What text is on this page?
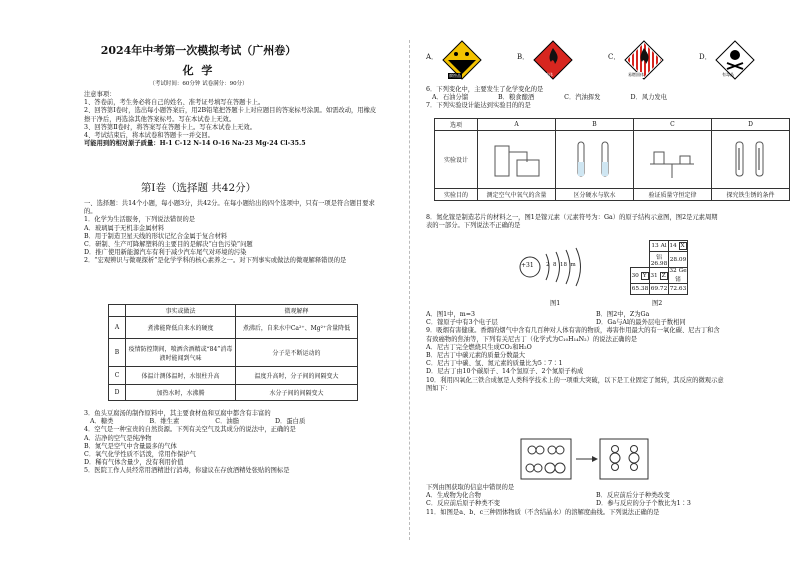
2024年中考第一次模拟考试（广州卷）
化 学
（考试时间：60分钟 试卷满分：90分）
注意事项：
1、答卷前，考生务必将自己的姓名、准考证号填写在答题卡上。
2、回答第Ⅰ卷时，选出每小题答案后，用2B铅笔把答题卡上对应题目的答案标号涂黑。如需改动，用橡皮
擦干净后，再选涂其他答案标号。写在本试卷上无效。
3、回答第Ⅱ卷时，将答案写在答题卡上。写在本试卷上无效。
4、考试结束后，将本试卷和答题卡一并交回。
可能用到的相对原子质量：H-1 C-12 N-14 O-16 Na-23 Mg-24 Cl-35.5
第Ⅰ卷（选择题 共42分）
一、选择题：共14个小题，每小题3分，共42分。在每小题给出的四个选项中，只有一项是符合题目要求
的。
1．化学为生活服务，下列说法错误的是
A．玻璃属于无机非金属材料
B．用于制造卫星天线的形状记忆合金属于复合材料
C．研制、生产可降解塑料的主要目的是解决“白色污染”问题
D．推广使用新能源汽车有利于减少汽车尾气对环境的污染
2．“宏观辨识与微观探析”是化学学科的核心素养之一。对下列事实或做法的微观解释错误的是
	事实或做法	微观解释
A	煮沸能降低自来水的硬度	煮沸后，自来水中Ca²⁺、Mg²⁺含量降低
B	疫情防控期间，喷洒含酒精或“84”消毒液时能闻到气味	分子是不断运动的
C	体温计测体温时，水银柱升高	温度升高时，分子间的间隔变大
D	加热水时，水沸腾	水分子间的间隔变大
3．鱼头豆腐汤的制作原料中，其主要食材鱼和豆腐中都含有丰富的
A．糖类	B．维生素	C．油脂	D．蛋白质
4．空气是一种宝贵的自然资源。下列有关空气及其成分的说法中，正确的是
A．洁净的空气是纯净物
B．氮气是空气中含量最多的气体
C．氧气化学性质不活泼，常用作保护气
D．稀有气体含量少，没有利用价值
5．医院工作人员经常用酒精进行消毒，你建议在存放酒精处张贴的图标是
A．
腐蚀品
B．
易燃液体
C．
易燃固体
D．
有毒品
6．下列变化中，主要发生了化学变化的是
A．石油分馏	B．粮食酿酒	C．汽油挥发	D．风力发电
7．下列实验设计能达到实验目的的是
选项	A	B	C	D
实验设计				
实验目的	测定空气中氧气的含量	区分硬水与软水	验证质量守恒定律	探究铁生锈的条件
8．氮化镓是制造芯片的材料之一，图1是镓元素（元素符号为：Ga）的原子结构示意图，图2是元素周期
表的一部分。下列说法不正确的是
+31 2  8  18  m
	13 Al	14 X
	铝
26.98	28.09
30 Y	31 Z	32 Ge
锗
65.38	69.72	72.63
图1	图2
A．图1中，m=3	B．图2中，Z为Ga
C．镓原子中有3个电子层	D．Ga与Al的最外层电子数相同
9．吸烟有害健康。香烟的烟气中含有几百种对人体有害的物质，毒害作用最大的有一氧化碳、尼古丁和含
有致癌物的焦油等，下列有关尼古丁（化学式为C₁₀H₁₄N₂）的说法正确的是
A．尼古丁完全燃烧只生成CO₂和H₂O
B．尼古丁中碳元素的质量分数最大
C．尼古丁中碳、氢、氮元素的质量比为5∶7∶1
D．尼古丁由10个碳原子、14个氢原子、2个氮原子构成
10．利用四氧化三铁合成氨是人类科学技术上的一项重大突破，以下是工业固定了氮转，其反应的微观示意
图如下：
下列由图获取的信息中错误的是
A．生成物为化合物	B．反应前后分子种类改变
C．反应前后原子种类不变	D．参与反应的分子个数比为1∶3
11．如图是a、b、c三种固体物质（不含结晶水）的溶解度曲线。下列说法正确的是
